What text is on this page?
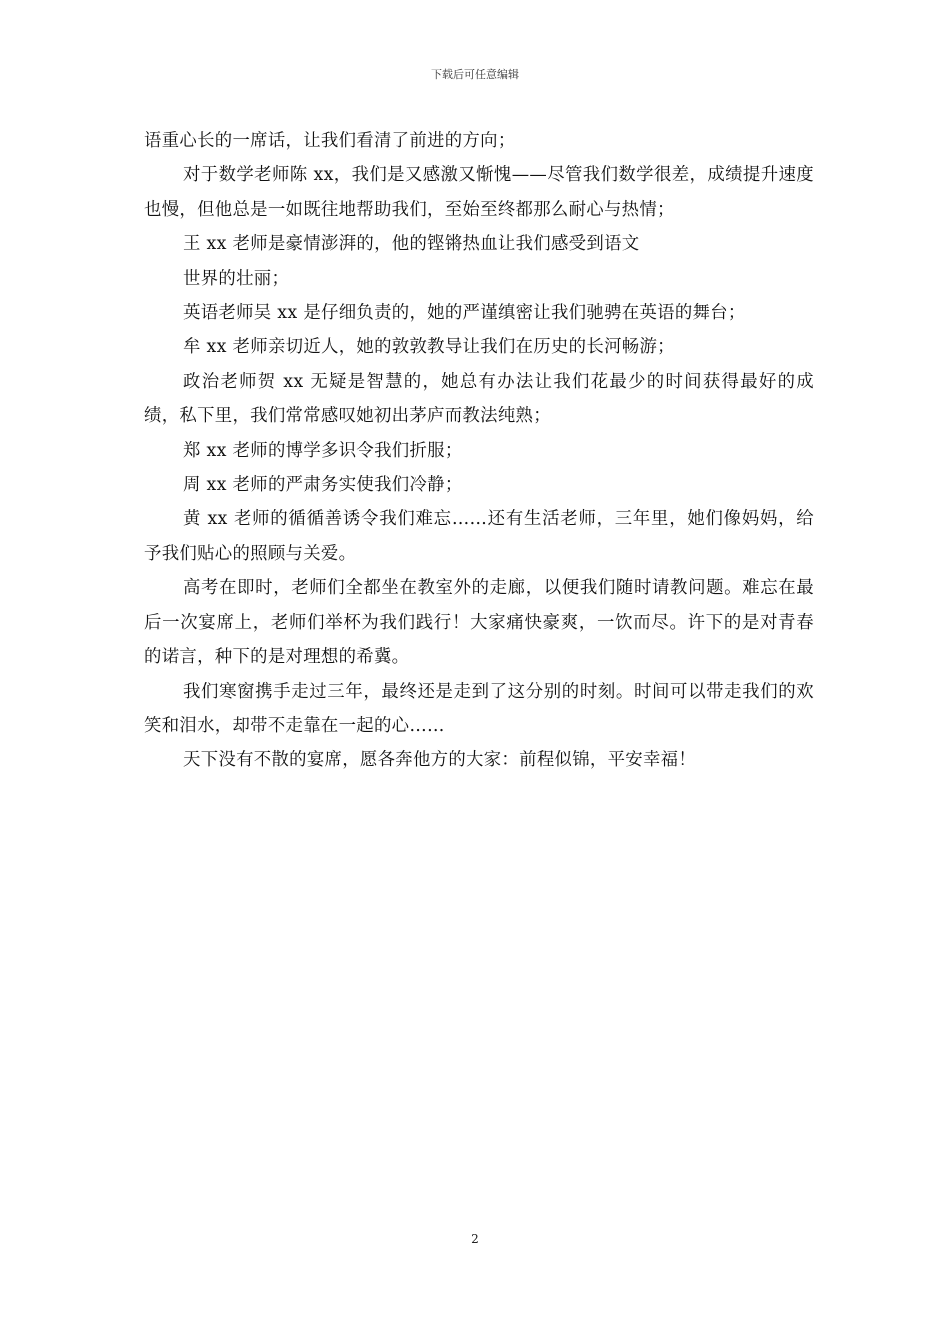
下载后可任意编辑

语重心长的一席话，让我们看清了前进的方向；

对于数学老师陈 xx，我们是又感激又惭愧——尽管我们数学很差，成绩提升速度也慢，但他总是一如既往地帮助我们，至始至终都那么耐心与热情；

王 xx 老师是豪情澎湃的，他的铿锵热血让我们感受到语文

世界的壮丽；

英语老师吴 xx 是仔细负责的，她的严谨缜密让我们驰骋在英语的舞台；

牟 xx 老师亲切近人，她的敦敦教导让我们在历史的长河畅游；

政治老师贺 xx 无疑是智慧的，她总有办法让我们花最少的时间获得最好的成绩，私下里，我们常常感叹她初出茅庐而教法纯熟；

郑 xx 老师的博学多识令我们折服；

周 xx 老师的严肃务实使我们冷静；

黄 xx 老师的循循善诱令我们难忘……还有生活老师，三年里，她们像妈妈，给予我们贴心的照顾与关爱。

高考在即时，老师们全都坐在教室外的走廊，以便我们随时请教问题。难忘在最后一次宴席上，老师们举杯为我们践行！大家痛快豪爽，一饮而尽。许下的是对青春的诺言，种下的是对理想的希冀。

我们寒窗携手走过三年，最终还是走到了这分别的时刻。时间可以带走我们的欢笑和泪水，却带不走靠在一起的心……

天下没有不散的宴席，愿各奔他方的大家：前程似锦，平安幸福！

2
